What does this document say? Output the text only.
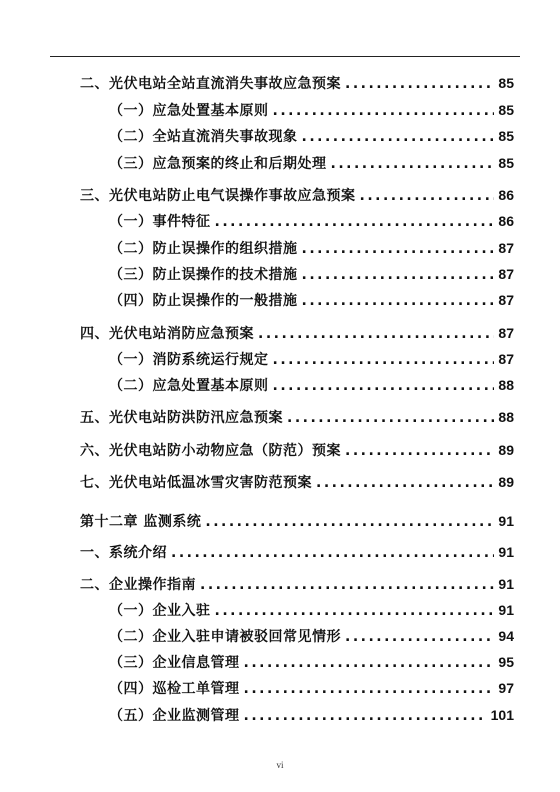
二、光伏电站全站直流消失事故应急预案 .....	85
（一）应急处置基本原则 .....	85
（二）全站直流消失事故现象 .....	85
（三）应急预案的终止和后期处理 .....	85
三、光伏电站防止电气误操作事故应急预案 .....	86
（一）事件特征 .....	86
（二）防止误操作的组织措施 .....	87
（三）防止误操作的技术措施 .....	87
（四）防止误操作的一般措施 .....	87
四、光伏电站消防应急预案 .....	87
（一）消防系统运行规定 .....	87
（二）应急处置基本原则 .....	88
五、光伏电站防洪防汛应急预案 .....	88
六、光伏电站防小动物应急（防范）预案 .....	89
七、光伏电站低温冰雪灾害防范预案 .....	89
第十二章 监测系统 .....	91
一、系统介绍 .....	91
二、企业操作指南 .....	91
（一）企业入驻 .....	91
（二）企业入驻申请被驳回常见情形 .....	94
（三）企业信息管理 .....	95
（四）巡检工单管理 .....	97
（五）企业监测管理 .....	101
vi
